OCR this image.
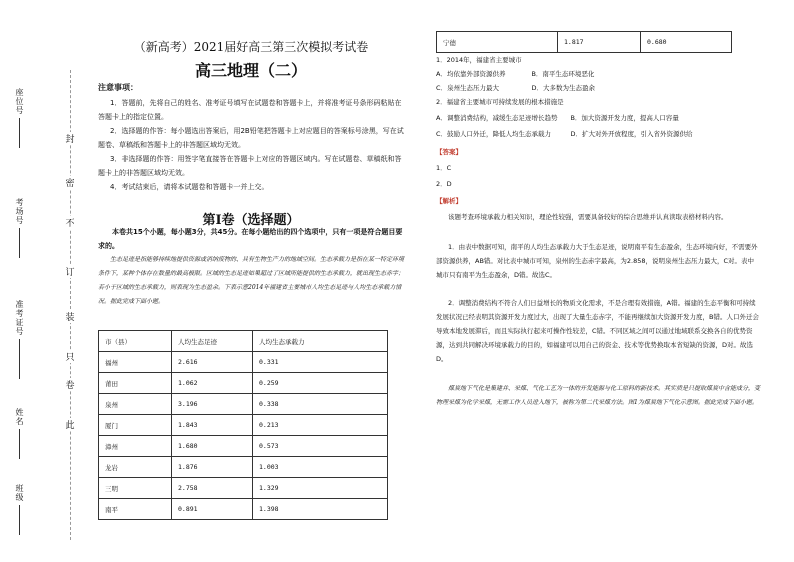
封
密
不
订
装
只
卷
此
座位号
考场号
准考证号
姓名
班级
（新高考）2021届好高三第三次模拟考试卷
高三地理（二）
注意事项：
1．答题前，先将自己的姓名、准考证号填写在试题卷和答题卡上，并将准考证号条形码粘贴在答题卡上的指定位置。
2．选择题的作答：每小题选出答案后，用2B铅笔把答题卡上对应题目的答案标号涂黑，写在试题卷、草稿纸和答题卡上的非答题区域均无效。
3．非选择题的作答：用签字笔直接答在答题卡上对应的答题区域内。写在试题卷、草稿纸和答题卡上的非答题区域均无效。
4．考试结束后，请将本试题卷和答题卡一并上交。
第Ⅰ卷（选择题）
本卷共15个小题，每小题3分，共45分。在每小题给出的四个选项中，只有一项是符合题目要求的。
生态足迹是指能够持续地提供资源或消纳废物的、具有生物生产力的地域空间。生态承载力是指在某一特定环境条件下，某种个体存在数量的最高极限。区域的生态足迹如果超过了区域所能提供的生态承载力，就出现生态赤字；若小于区域的生态承载力，则表现为生态盈余。下表示意2014年福建省主要城市人均生态足迹与人均生态承载力情况。据此完成下面小题。
市（县）	人均生态足迹	人均生态承载力
福州	2.616	0.331
莆田	1.062	0.259
泉州	3.196	0.338
厦门	1.843	0.213
漳州	1.680	0.573
龙岩	1.876	1.003
三明	2.758	1.329
南平	0.891	1.398
宁德	1.817	0.680
1．2014年，福建省主要城市
A．均依靠外部资源供养　　　　B．南平生态环境恶化
C．泉州生态压力最大　　　　　D．大多数为生态盈余
2．福建省主要城市可持续发展的根本措施是
A．调整消费结构，减缓生态足迹增长趋势　　B．加大资源开发力度，提高人口容量
C．鼓励人口外迁，降低人均生态承载力　　　D．扩大对外开放程度，引入省外资源供给
【答案】
1．C
2．D
【解析】
该题考查环境承载力相关知识，理论性较强，需要具备较好的综合思维并认真读取表格材料内容。
1．由表中数据可知，南平的人均生态承载力大于生态足迹，说明南平有生态盈余，生态环境向好，不需要外部资源供养，AB错。对比表中城市可知，泉州的生态赤字最高，为2.858，说明泉州生态压力最大，C对。表中城市只有南平为生态盈余，D错。故选C。
2．调整消费结构不符合人们日益增长的物质文化需求，不是合理有效措施，A错。福建的生态平衡和可持续发展状况已经表明其资源开发力度过大，出现了大量生态赤字，不能再继续加大资源开发力度，B错。人口外迁会导致本地发展滞后，而且实际执行起来可操作性较差，C错。不同区域之间可以通过地域联系交换各自的优势资源，达到共同解决环境承载力的目的，如福建可以用自己的资金、技术等优势换取本省短缺的资源，D对。故选D。
煤炭地下气化是集建井、采煤、气化工艺为一体的开发能源与化工原料的新技术。其实质是只提取煤炭中含能成分，变物理采煤为化学采煤，无需工作人员进入地下，被称为第二代采煤方法。图1为煤炭地下气化示意图。据此完成下面小题。
